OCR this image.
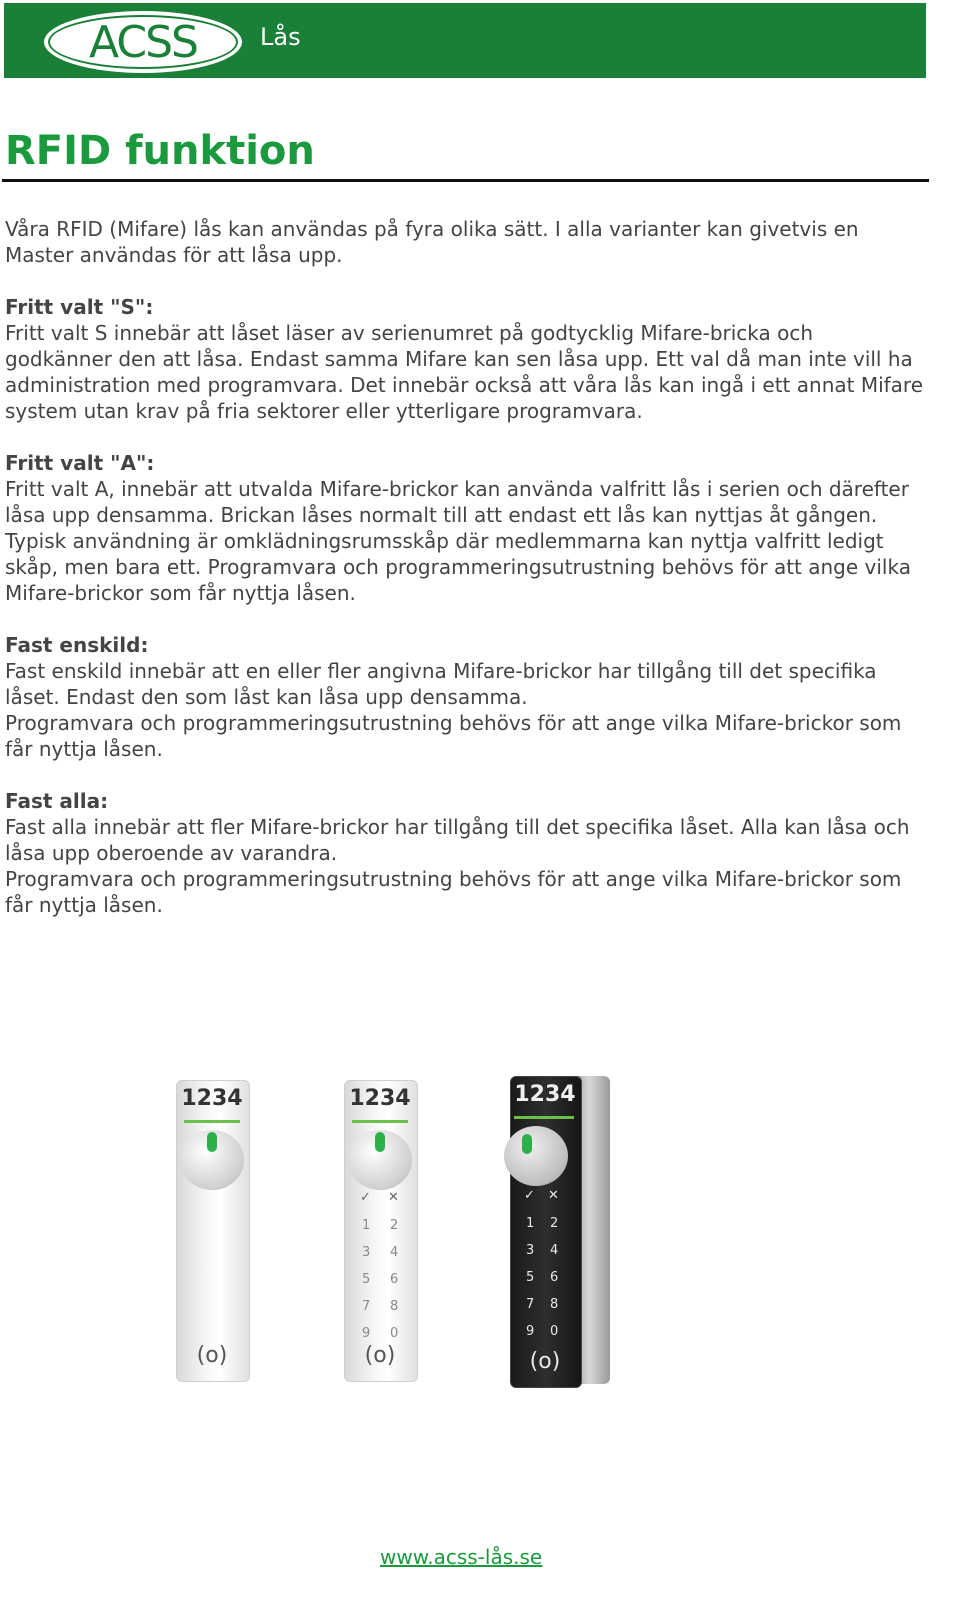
ACSS	Lås
RFID funktion

Våra RFID (Mifare) lås kan användas på fyra olika sätt. I alla varianter kan givetvis en Master användas för att låsa upp.

Fritt valt "S":

Fritt valt S innebär att låset läser av serienumret på godtycklig Mifare-bricka och godkänner den att låsa. Endast samma Mifare kan sen låsa upp. Ett val då man inte vill ha administration med programvara. Det innebär också att våra lås kan ingå i ett annat Mifare system utan krav på fria sektorer eller ytterligare programvara.

Fritt valt "A":

Fritt valt A, innebär att utvalda Mifare-brickor kan använda valfritt lås i serien och därefter låsa upp densamma. Brickan låses normalt till att endast ett lås kan nyttjas åt gången. Typisk användning är omklädningsrumsskåp där medlemmarna kan nyttja valfritt ledigt skåp, men bara ett. Programvara och programmeringsutrustning behövs för att ange vilka Mifare-brickor som får nyttja låsen.

Fast enskild:

Fast enskild innebär att en eller fler angivna Mifare-brickor har tillgång till det specifika låset. Endast den som låst kan låsa upp densamma.

Programvara och programmeringsutrustning behövs för att ange vilka Mifare-brickor som får nyttja låsen.

Fast alla:

Fast alla innebär att fler Mifare-brickor har tillgång till det specifika låset. Alla kan låsa och låsa upp oberoende av varandra.

Programvara och programmeringsutrustning behövs för att ange vilka Mifare-brickor som får nyttja låsen.

1234
(o)
1234
✓ ✕
1 2
3 4
5 6
7 8
9 0
(o)
1234
✓ ✕
1 2
3 4
5 6
7 8
9 0
(o)
www.acss-lås.se
